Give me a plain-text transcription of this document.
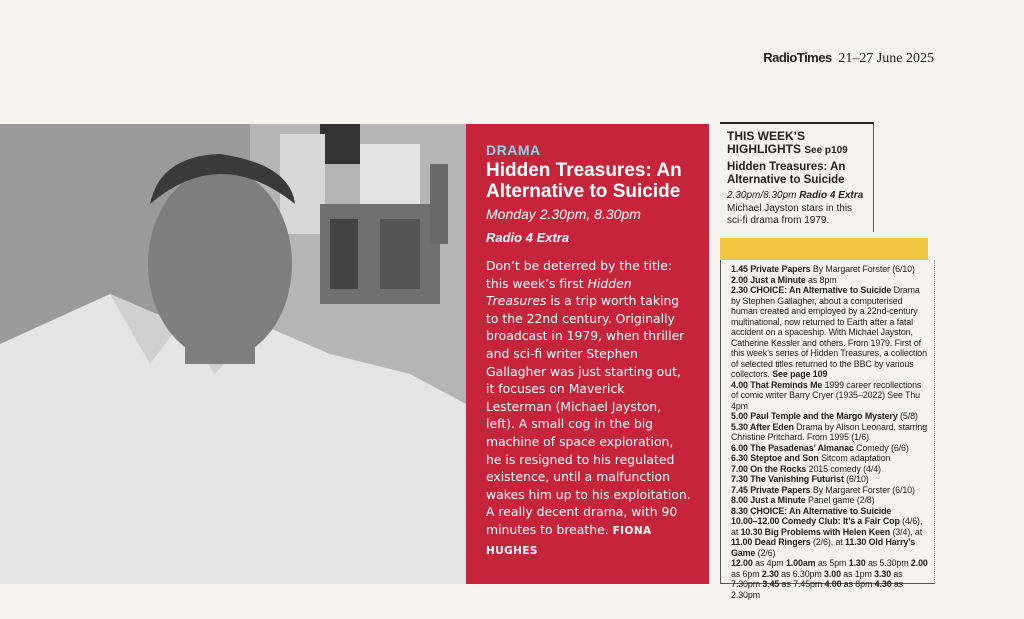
RadioTimes 21–27 June 2025
DRAMA
Hidden Treasures: An Alternative to Suicide
Monday 2.30pm, 8.30pm
Radio 4 Extra
Don’t be deterred by the title: this week’s first Hidden Treasures is a trip worth taking to the 22nd century. Originally broadcast in 1979, when thriller and sci-fi writer Stephen Gallagher was just starting out, it focuses on Maverick Lesterman (Michael Jayston, left). A small cog in the big machine of space exploration, he is resigned to his regulated existence, until a malfunction wakes him up to his exploitation. A really decent drama, with 90 minutes to breathe. FIONA HUGHES
THIS WEEK’S HIGHLIGHTS See p109
Hidden Treasures: An Alternative to Suicide
2.30pm/8.30pm Radio 4 Extra
Michael Jayston stars in this sci-fi drama from 1979.
1.45 Private Papers By Margaret Forster (6/10)
2.00 Just a Minute as 8pm
2.30 CHOICE: An Alternative to Suicide Drama by Stephen Gallagher, about a computerised human created and employed by a 22nd-century multinational, now returned to Earth after a fatal accident on a spaceship. With Michael Jayston, Catherine Kessler and others. From 1979. First of this week’s series of Hidden Treasures, a collection of selected titles returned to the BBC by various collectors. See page 109
4.00 That Reminds Me 1999 career recollections of comic writer Barry Cryer (1935–2022) See Thu 4pm
5.00 Paul Temple and the Margo Mystery (5/8)
5.30 After Eden Drama by Alison Leonard, starring Christine Pritchard. From 1995 (1/6)
6.00 The Pasadenas’ Almanac Comedy (6/6)
6.30 Steptoe and Son Sitcom adaptation
7.00 On the Rocks 2015 comedy (4/4)
7.30 The Vanishing Futurist (6/10)
7.45 Private Papers By Margaret Forster (6/10)
8.00 Just a Minute Panel game (2/8)
8.30 CHOICE: An Alternative to Suicide
10.00–12.00 Comedy Club: It’s a Fair Cop (4/6), at 10.30 Big Problems with Helen Keen (3/4), at 11.00 Dead Ringers (2/6), at 11.30 Old Harry’s Game (2/6)
12.00 as 4pm 1.00am as 5pm 1.30 as 5.30pm 2.00 as 6pm 2.30 as 6.30pm 3.00 as 1pm 3.30 as 7.30pm 3.45 as 7.45pm 4.00 as 8pm 4.30 as 2.30pm
